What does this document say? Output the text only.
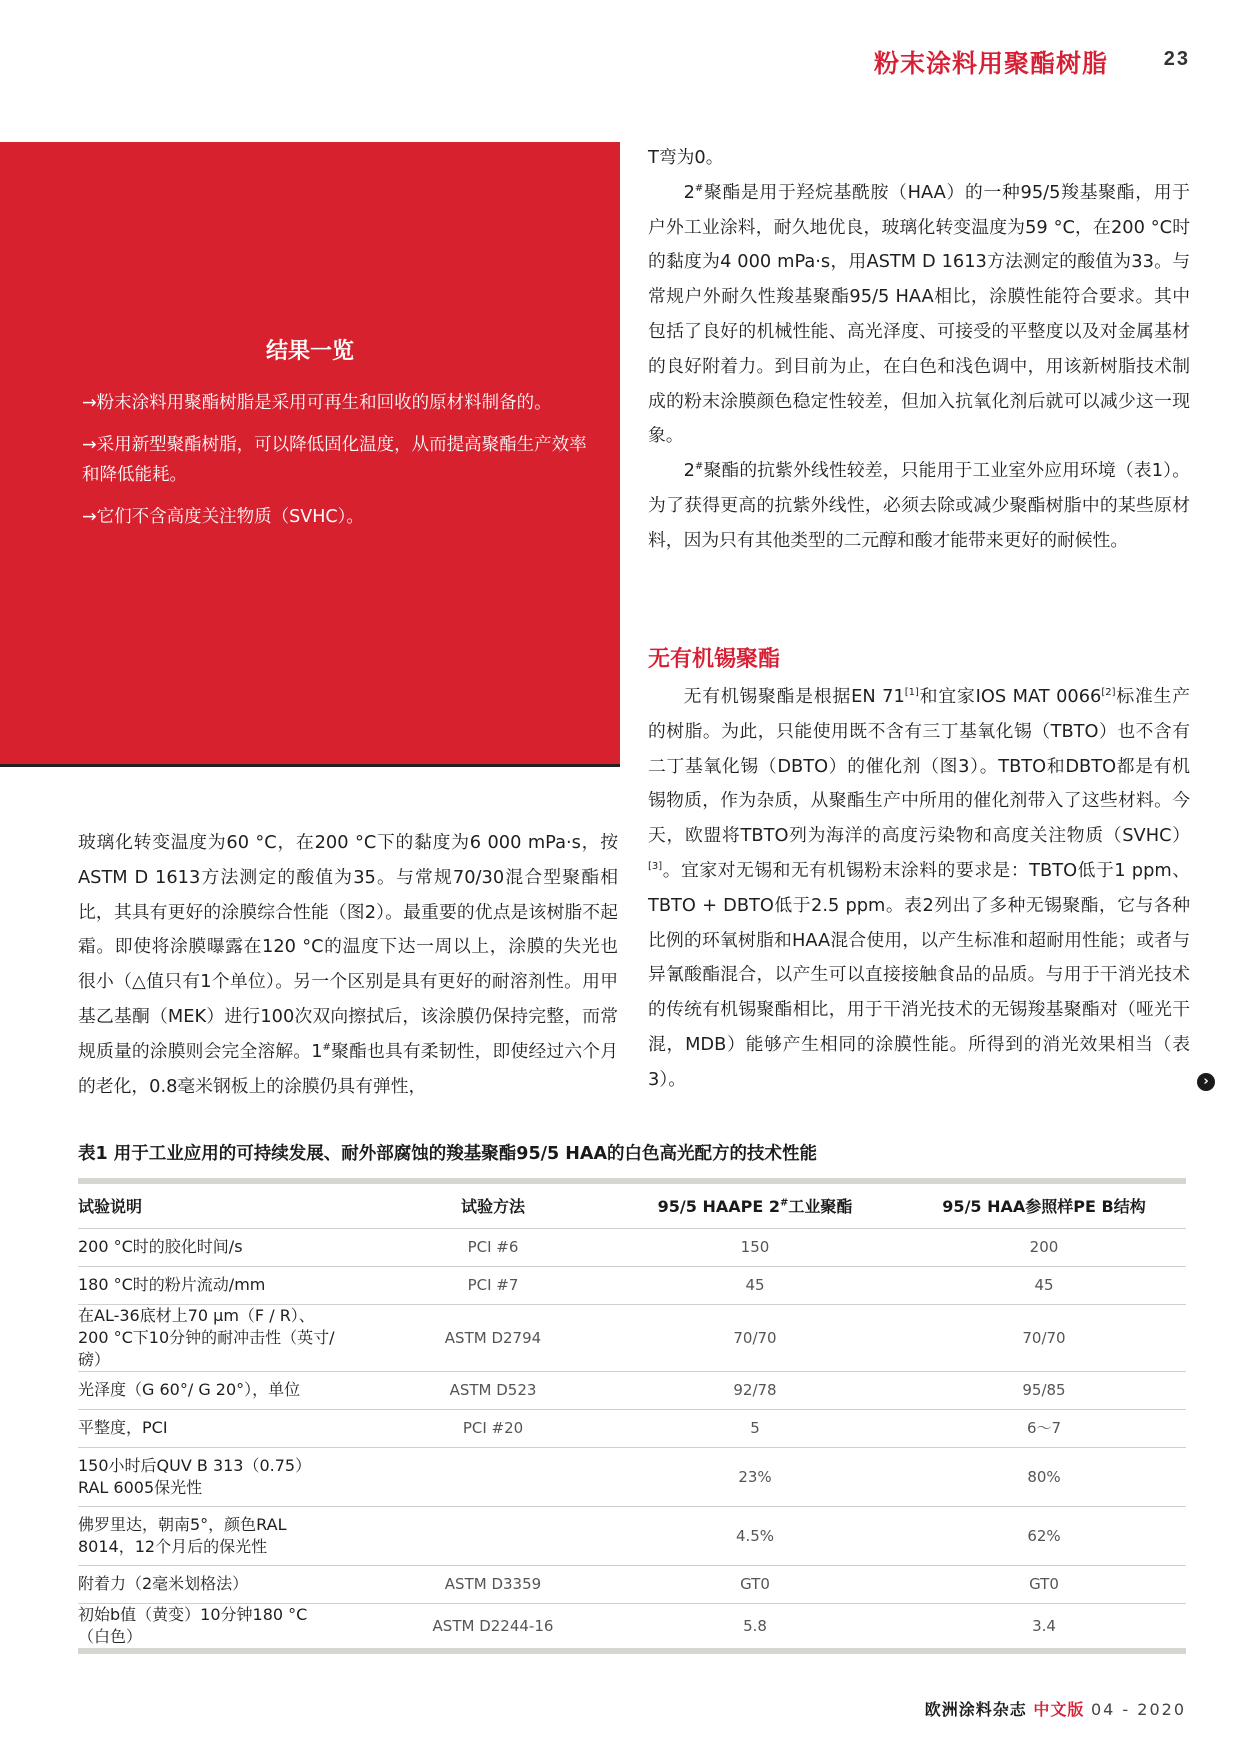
粉末涂料用聚酯树脂	23
结果一览
→粉末涂料用聚酯树脂是采用可再生和回收的原材料制备的。
→采用新型聚酯树脂，可以降低固化温度，从而提高聚酯生产效率和降低能耗。
→它们不含高度关注物质（SVHC）。

玻璃化转变温度为60 °C，在200 °C下的黏度为6 000 mPa·s，按ASTM D 1613方法测定的酸值为35。与常规70/30混合型聚酯相比，其具有更好的涂膜综合性能（图2）。最重要的优点是该树脂不起霜。即使将涂膜曝露在120 °C的温度下达一周以上，涂膜的失光也很小（△值只有1个单位）。另一个区别是具有更好的耐溶剂性。用甲基乙基酮（MEK）进行100次双向擦拭后，该涂膜仍保持完整，而常规质量的涂膜则会完全溶解。1#聚酯也具有柔韧性，即使经过六个月的老化，0.8毫米钢板上的涂膜仍具有弹性，

T弯为0。

2#聚酯是用于羟烷基酰胺（HAA）的一种95/5羧基聚酯，用于户外工业涂料，耐久地优良，玻璃化转变温度为59 °C，在200 °C时的黏度为4 000 mPa·s，用ASTM D 1613方法测定的酸值为33。与常规户外耐久性羧基聚酯95/5 HAA相比，涂膜性能符合要求。其中包括了良好的机械性能、高光泽度、可接受的平整度以及对金属基材的良好附着力。到目前为止，在白色和浅色调中，用该新树脂技术制成的粉末涂膜颜色稳定性较差，但加入抗氧化剂后就可以减少这一现象。

2#聚酯的抗紫外线性较差，只能用于工业室外应用环境（表1）。为了获得更高的抗紫外线性，必须去除或减少聚酯树脂中的某些原材料，因为只有其他类型的二元醇和酸才能带来更好的耐候性。

无有机锡聚酯

无有机锡聚酯是根据EN 71[1]和宜家IOS MAT 0066[2]标准生产的树脂。为此，只能使用既不含有三丁基氧化锡（TBTO）也不含有二丁基氧化锡（DBTO）的催化剂（图3）。TBTO和DBTO都是有机锡物质，作为杂质，从聚酯生产中所用的催化剂带入了这些材料。今天，欧盟将TBTO列为海洋的高度污染物和高度关注物质（SVHC）[3]。宜家对无锡和无有机锡粉末涂料的要求是：TBTO低于1 ppm、TBTO + DBTO低于2.5 ppm。表2列出了多种无锡聚酯，它与各种比例的环氧树脂和HAA混合使用，以产生标准和超耐用性能；或者与异氰酸酯混合，以产生可以直接接触食品的品质。与用于干消光技术的传统有机锡聚酯相比，用于干消光技术的无锡羧基聚酯对（哑光干混，MDB）能够产生相同的涂膜性能。所得到的消光效果相当（表3）。	›
表1 用于工业应用的可持续发展、耐外部腐蚀的羧基聚酯95/5 HAA的白色高光配方的技术性能
试验说明	试验方法	95/5 HAAPE 2#工业聚酯	95/5 HAA参照样PE B结构
200 °C时的胶化时间/s	PCI #6	150	200
180 °C时的粉片流动/mm	PCI #7	45	45
在AL-36底材上70 μm（F / R）、200 °C下10分钟的耐冲击性（英寸/磅）	ASTM D2794	70/70	70/70
光泽度（G 60°/ G 20°），单位	ASTM D523	92/78	95/85
平整度，PCI	PCI #20	5	6～7
150小时后QUV B 313（0.75）RAL 6005保光性		23%	80%
佛罗里达，朝南5°，颜色RAL 8014，12个月后的保光性		4.5%	62%
附着力（2毫米划格法）	ASTM D3359	GT0	GT0
初始b值（黄变）10分钟180 °C（白色）	ASTM D2244-16	5.8	3.4
欧洲涂料杂志 中文版 04 - 2020
